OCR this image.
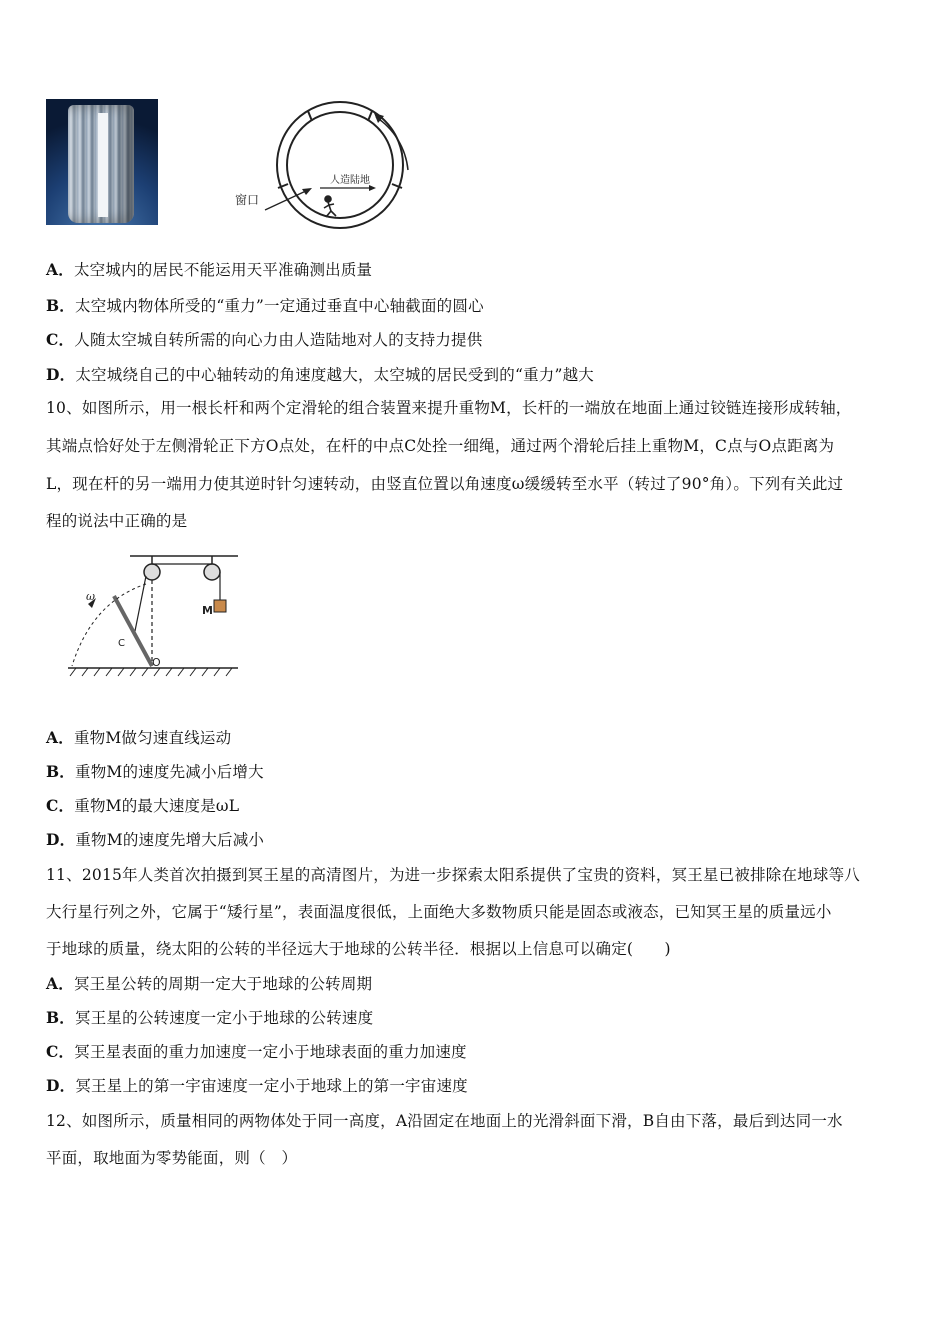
窗口
人造陆地
A．太空城内的居民不能运用天平准确测出质量
B．太空城内物体所受的“重力”一定通过垂直中心轴截面的圆心
C．人随太空城自转所需的向心力由人造陆地对人的支持力提供
D．太空城绕自己的中心轴转动的角速度越大，太空城的居民受到的“重力”越大
10、如图所示，用一根长杆和两个定滑轮的组合装置来提升重物M，长杆的一端放在地面上通过铰链连接形成转轴，
其端点恰好处于左侧滑轮正下方O点处，在杆的中点C处拴一细绳，通过两个滑轮后挂上重物M，C点与O点距离为
L，现在杆的另一端用力使其逆时针匀速转动，由竖直位置以角速度ω缓缓转至水平（转过了90°角）。下列有关此过
程的说法中正确的是
M
ω
C
O
A．重物M做匀速直线运动
B．重物M的速度先减小后增大
C．重物M的最大速度是ωL
D．重物M的速度先增大后减小
11、2015年人类首次拍摄到冥王星的高清图片，为进一步探索太阳系提供了宝贵的资料，冥王星已被排除在地球等八
大行星行列之外，它属于“矮行星”，表面温度很低，上面绝大多数物质只能是固态或液态，已知冥王星的质量远小
于地球的质量，绕太阳的公转的半径远大于地球的公转半径．根据以上信息可以确定(　　)
A．冥王星公转的周期一定大于地球的公转周期
B．冥王星的公转速度一定小于地球的公转速度
C．冥王星表面的重力加速度一定小于地球表面的重力加速度
D．冥王星上的第一宇宙速度一定小于地球上的第一宇宙速度
12、如图所示，质量相同的两物体处于同一高度，A沿固定在地面上的光滑斜面下滑，B自由下落，最后到达同一水
平面，取地面为零势能面，则（　）
